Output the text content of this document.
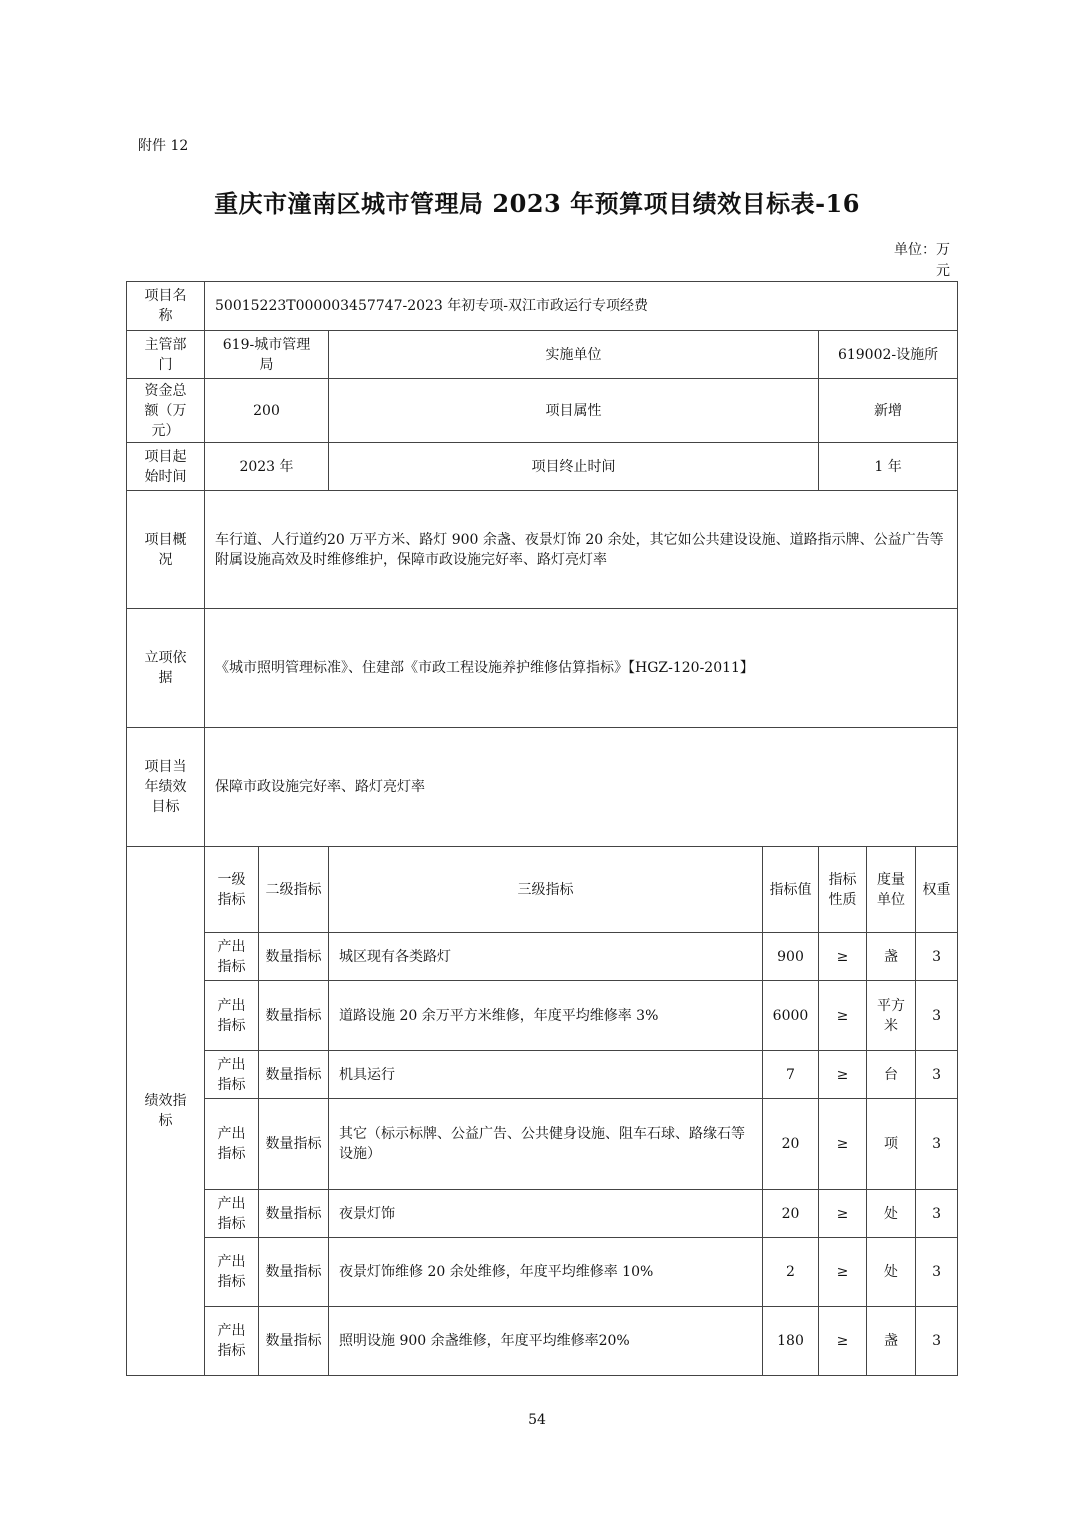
附件 12
重庆市潼南区城市管理局 2023 年预算项目绩效目标表-16
单位：万
元
项目名称	50015223T000003457747-2023 年初专项-双江市政运行专项经费						
主管部门	619-城市管理局		实施单位		619002-设施所		
资金总额（万元）	200		项目属性		新增		
项目起始时间	2023 年		项目终止时间		1 年		
项目概况	车行道、人行道约20 万平方米、路灯 900 余盏、夜景灯饰 20 余处，其它如公共建设设施、道路指示牌、公益广告等附属设施高效及时维修维护，保障市政设施完好率、路灯亮灯率						
立项依据	《城市照明管理标准》、住建部《市政工程设施养护维修估算指标》【HGZ-120-2011】						
项目当年绩效目标	保障市政设施完好率、路灯亮灯率						
绩效指标	一级指标	二级指标	三级指标	指标值	指标性质	度量单位	权重
	产出指标	数量指标	城区现有各类路灯	900	≥	盏	3
	产出指标	数量指标	道路设施 20 余万平方米维修，年度平均维修率 3%	6000	≥	平方米	3
	产出指标	数量指标	机具运行	7	≥	台	3
	产出指标	数量指标	其它（标示标牌、公益广告、公共健身设施、阻车石球、路缘石等设施）	20	≥	项	3
	产出指标	数量指标	夜景灯饰	20	≥	处	3
	产出指标	数量指标	夜景灯饰维修 20 余处维修，年度平均维修率 10%	2	≥	处	3
	产出指标	数量指标	照明设施 900 余盏维修，年度平均维修率20%	180	≥	盏	3
54
